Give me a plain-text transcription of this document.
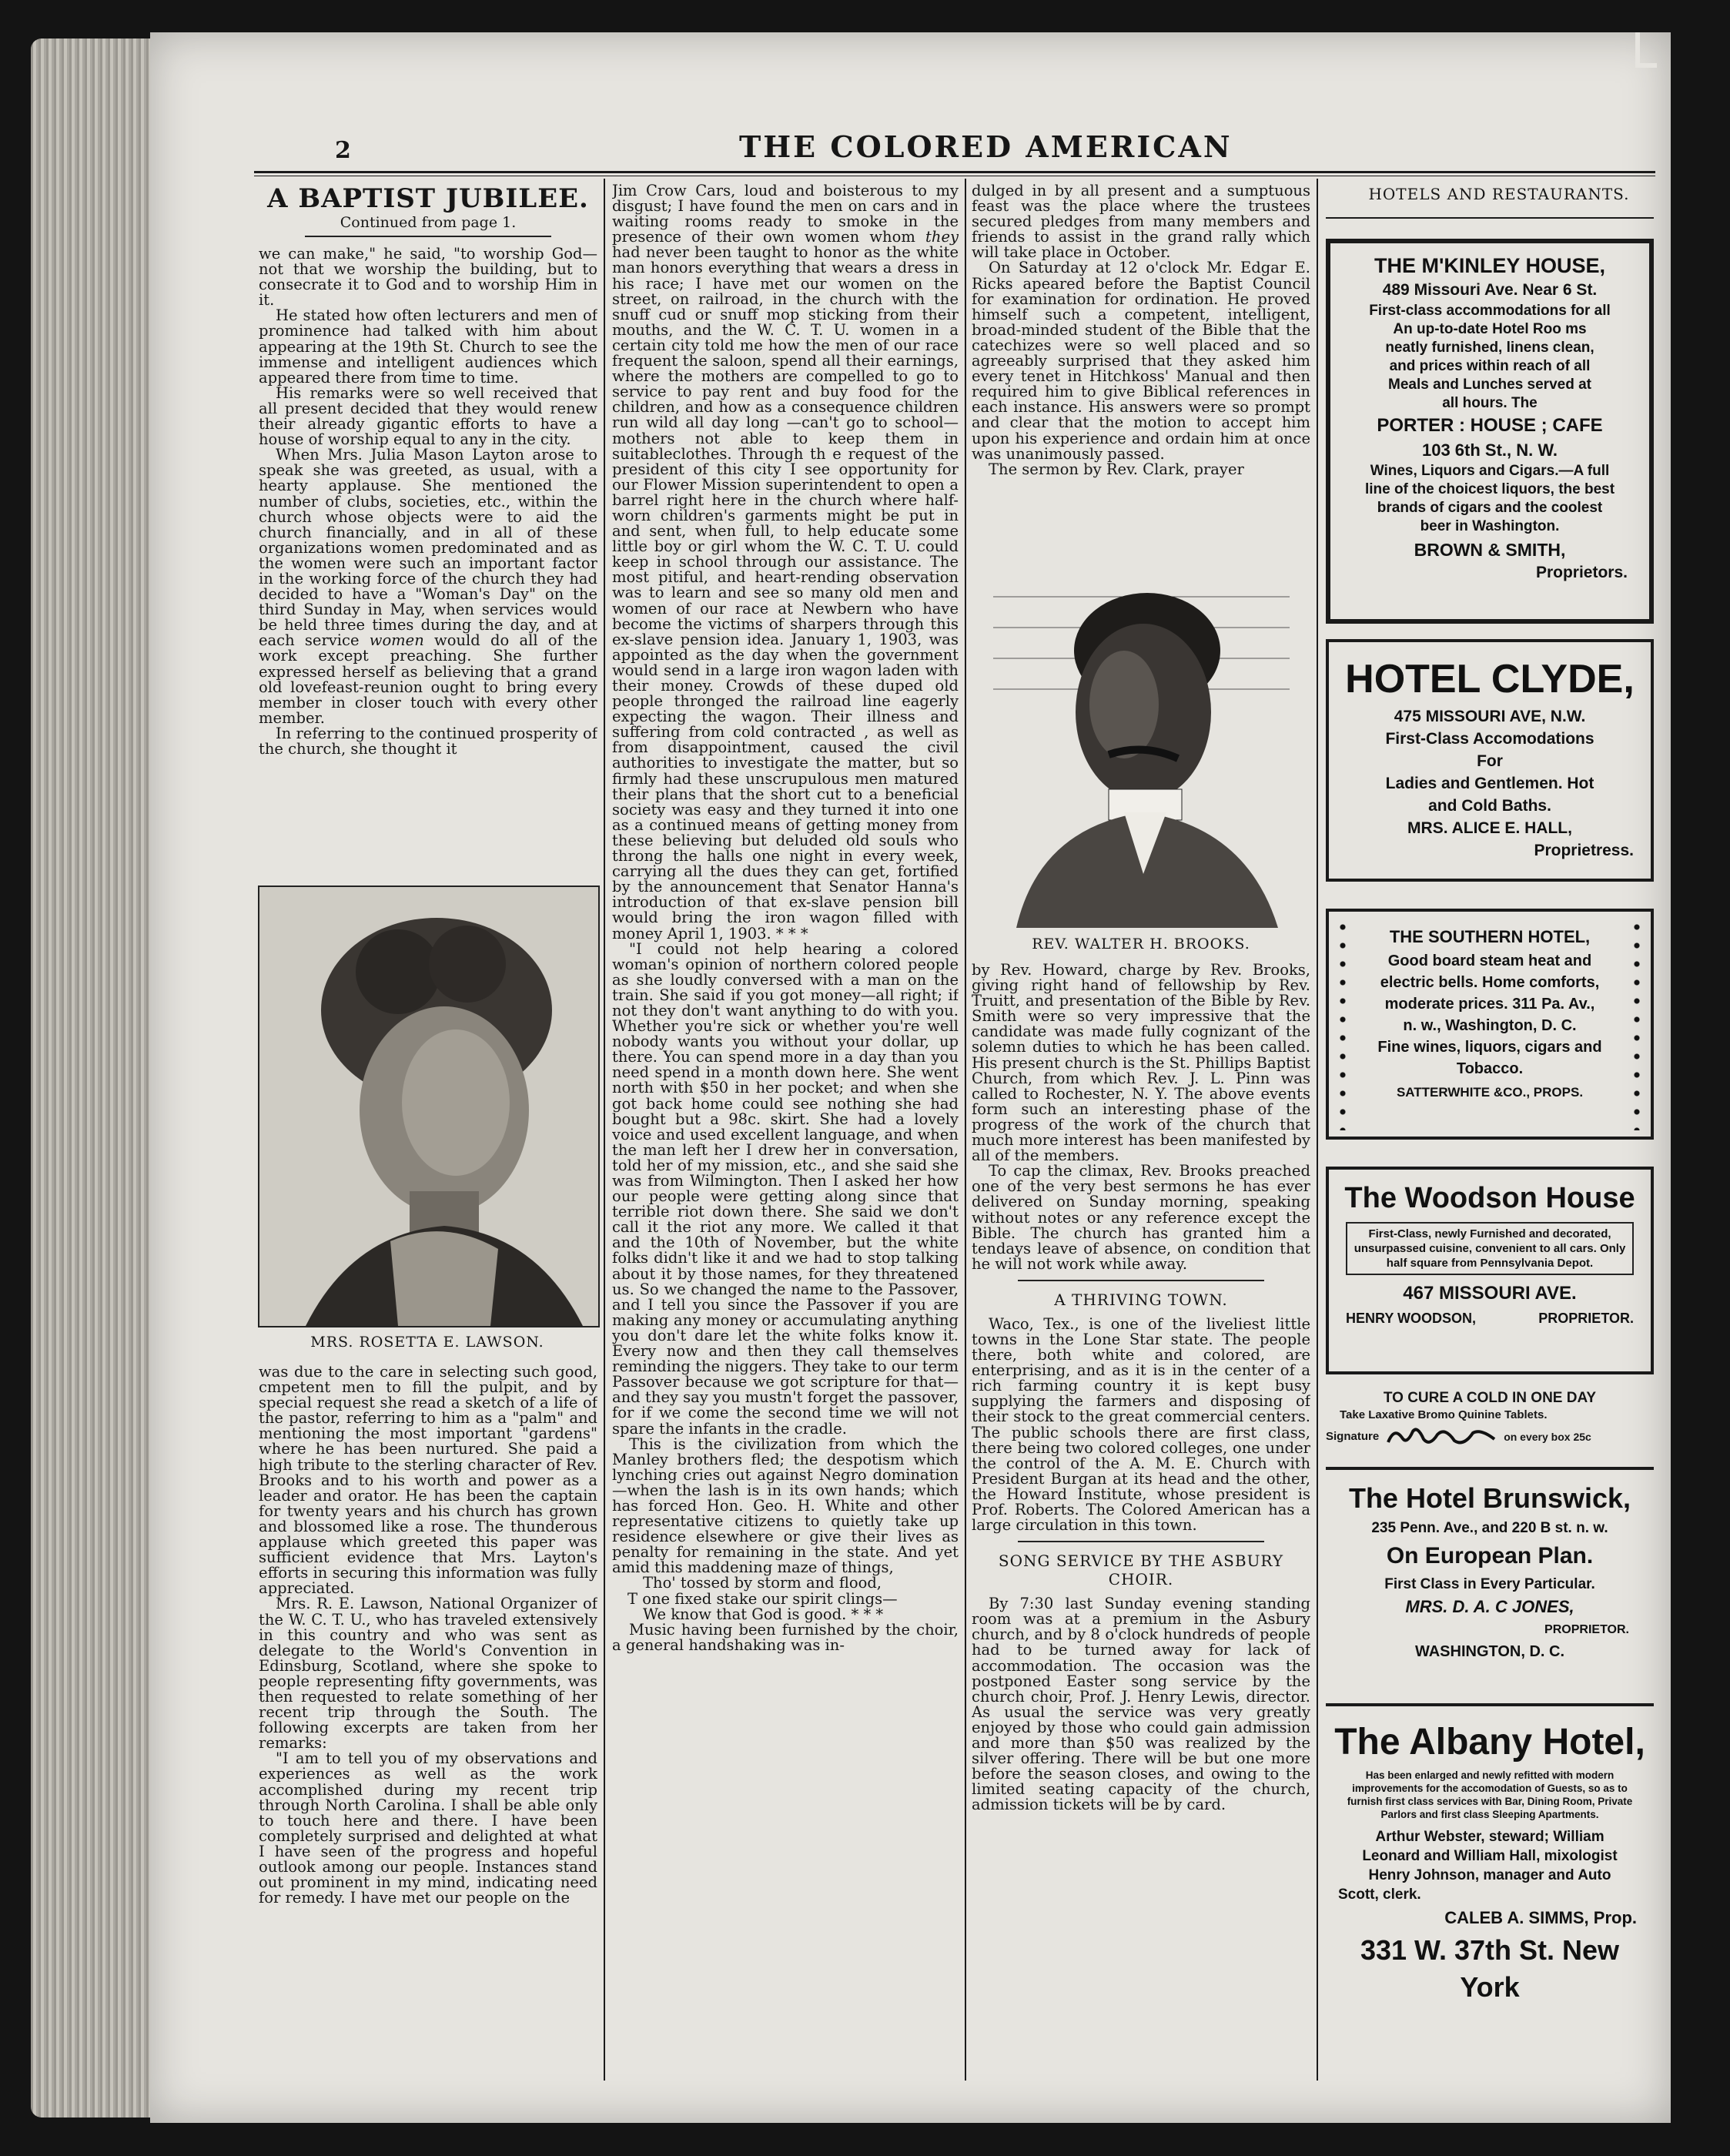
2	THE COLORED AMERICAN
A BAPTIST JUBILEE.
Continued from page 1.

we can make," he said, "to worship God—not that we worship the building, but to consecrate it to God and to worship Him in it.

He stated how often lecturers and men of prominence had talked with him about appearing at the 19th St. Church to see the immense and intelligent audiences which appeared there from time to time.

His remarks were so well received that all present decided that they would renew their already gigantic efforts to have a house of worship equal to any in the city.

When Mrs. Julia Mason Layton arose to speak she was greeted, as usual, with a hearty applause. She mentioned the number of clubs, societies, etc., within the church whose objects were to aid the church financially, and in all of these organizations women predominated and as the women were such an important factor in the working force of the church they had decided to have a "Woman's Day" on the third Sunday in May, when services would be held three times during the day, and at each service women would do all of the work except preaching. She further expressed herself as believing that a grand old lovefeast-reunion ought to bring every member in closer touch with every other member.

In referring to the continued prosperity of the church, she thought it

MRS. ROSETTA E. LAWSON.

was due to the care in selecting such good, cmpetent men to fill the pulpit, and by special request she read a sketch of a life of the pastor, referring to him as a "palm" and mentioning the most important "gardens" where he has been nurtured. She paid a high tribute to the sterling character of Rev. Brooks and to his worth and power as a leader and orator. He has been the captain for twenty years and his church has grown and blossomed like a rose. The thunderous applause which greeted this paper was sufficient evidence that Mrs. Layton's efforts in securing this information was fully appreciated.

Mrs. R. E. Lawson, National Organizer of the W. C. T. U., who has traveled extensively in this country and who was sent as delegate to the World's Convention in Edinsburg, Scotland, where she spoke to people representing fifty governments, was then requested to relate something of her recent trip through the South. The following excerpts are taken from her remarks:

"I am to tell you of my observations and experiences as well as the work accomplished during my recent trip through North Carolina. I shall be able only to touch here and there. I have been completely surprised and delighted at what I have seen of the progress and hopeful outlook among our people. Instances stand out prominent in my mind, indicating need for remedy. I have met our people on the

Jim Crow Cars, loud and boisterous to my disgust; I have found the men on cars and in waiting rooms ready to smoke in the presence of their own women whom they had never been taught to honor as the white man honors everything that wears a dress in his race; I have met our women on the street, on railroad, in the church with the snuff cud or snuff mop sticking from their mouths, and the W. C. T. U. women in a certain city told me how the men of our race frequent the saloon, spend all their earnings, where the mothers are compelled to go to service to pay rent and buy food for the children, and how as a consequence children run wild all day long —can't go to school—mothers not able to keep them in suitableclothes. Through th e request of the president of this city I see opportunity for our Flower Mission superintendent to open a barrel right here in the church where half- worn children's garments might be put in and sent, when full, to help educate some little boy or girl whom the W. C. T. U. could keep in school through our assistance. The most pitiful, and heart-rending observation was to learn and see so many old men and women of our race at Newbern who have become the victims of sharpers through this ex-slave pension idea. January 1, 1903, was appointed as the day when the government would send in a large iron wagon laden with their money. Crowds of these duped old people thronged the railroad line eagerly expecting the wagon. Their illness and suffering from cold contracted , as well as from disappointment, caused the civil authorities to investigate the matter, but so firmly had these unscrupulous men matured their plans that the short cut to a beneficial society was easy and they turned it into one as a continued means of getting money from these believing but deluded old souls who throng the halls one night in every week, carrying all the dues they can get, fortified by the announcement that Senator Hanna's introduction of that ex-slave pension bill would bring the iron wagon filled with money April 1, 1903. * * *

"I could not help hearing a colored woman's opinion of northern colored people as she loudly conversed with a man on the train. She said if you got money—all right; if not they don't want anything to do with you. Whether you're sick or whether you're well nobody wants you without your dollar, up there. You can spend more in a day than you need spend in a month down here. She went north with $50 in her pocket; and when she got back home could see nothing she had bought but a 98c. skirt. She had a lovely voice and used excellent language, and when the man left her I drew her in conversation, told her of my mission, etc., and she said she was from Wilmington. Then I asked her how our people were getting along since that terrible riot down there. She said we don't call it the riot any more. We called it that and the 10th of November, but the white folks didn't like it and we had to stop talking about it by those names, for they threatened us. So we changed the name to the Passover, and I tell you since the Passover if you are making any money or accumulating anything you don't dare let the white folks know it. Every now and then they call themselves reminding the niggers. They take to our term Passover because we got scripture for that—and they say you mustn't forget the passover, for if we come the second time we will not spare the infants in the cradle.

This is the civilization from which the Manley brothers fled; the despotism which lynching cries out against Negro domination—when the lash is in its own hands; which has forced Hon. Geo. H. White and other representative citizens to quietly take up residence elsewhere or give their lives as penalty for remaining in the state. And yet amid this maddening maze of things,

Tho' tossed by storm and flood,

T one fixed stake our spirit clings—

We know that God is good. * * *

Music having been furnished by the choir, a general handshaking was in-

dulged in by all present and a sumptuous feast was the place where the trustees secured pledges from many members and friends to assist in the grand rally which will take place in October.

On Saturday at 12 o'clock Mr. Edgar E. Ricks apeared before the Baptist Council for examination for ordination. He proved himself such a competent, intelligent, broad-minded student of the Bible that the catechizes were so well placed and so agreeably surprised that they asked him every tenet in Hitchkoss' Manual and then required him to give Biblical references in each instance. His answers were so prompt and clear that the motion to accept him upon his experience and ordain him at once was unanimously passed.

The sermon by Rev. Clark, prayer

REV. WALTER H. BROOKS.

by Rev. Howard, charge by Rev. Brooks, giving right hand of fellowship by Rev. Truitt, and presentation of the Bible by Rev. Smith were so very impressive that the candidate was made fully cognizant of the solemn duties to which he has been called. His present church is the St. Phillips Baptist Church, from which Rev. J. L. Pinn was called to Rochester, N. Y. The above events form such an interesting phase of the progress of the work of the church that much more interest has been manifested by all of the members.

To cap the climax, Rev. Brooks preached one of the very best sermons he has ever delivered on Sunday morning, speaking without notes or any reference except the Bible. The church has granted him a tendays leave of absence, on condition that he will not work while away.

A THRIVING TOWN.

Waco, Tex., is one of the liveliest little towns in the Lone Star state. The people there, both white and colored, are enterprising, and as it is in the center of a rich farming country it is kept busy supplying the farmers and disposing of their stock to the great commercial centers. The public schools there are first class, there being two colored colleges, one under the control of the A. M. E. Church with President Burgan at its head and the other, the Howard Institute, whose president is Prof. Roberts. The Colored American has a large circulation in this town.

SONG SERVICE BY THE ASBURY CHOIR.

By 7:30 last Sunday evening standing room was at a premium in the Asbury church, and by 8 o'clock hundreds of people had to be turned away for lack of accommodation. The occasion was the postponed Easter song service by the church choir, Prof. J. Henry Lewis, director. As usual the service was very greatly enjoyed by those who could gain admission and more than $50 was realized by the silver offering. There will be but one more before the season closes, and owing to the limited seating capacity of the church, admission tickets will be by card.

HOTELS AND RESTAURANTS.
THE M'KINLEY HOUSE,
489 Missouri Ave. Near 6 St.
First-class accommodations for all
An up-to-date Hotel Roo ms
neatly furnished, linens clean,
and prices within reach of all
Meals and Lunches served at
all hours. The
PORTER : HOUSE ; CAFE
103 6th St., N. W.
Wines, Liquors and Cigars.—A full
line of the choicest liquors, the best
brands of cigars and the coolest
beer in Washington.
BROWN & SMITH,
Proprietors.
HOTEL CLYDE,
475 MISSOURI AVE, N.W.
First-Class Accomodations
For
Ladies and Gentlemen. Hot
and Cold Baths.
MRS. ALICE E. HALL,
Proprietress.
THE SOUTHERN HOTEL,
Good board steam heat and
electric bells. Home comforts,
moderate prices. 311 Pa. Av.,
n. w., Washington, D. C.
Fine wines, liquors, cigars and
Tobacco.
SATTERWHITE &CO., PROPS.
The Woodson House
First-Class, newly Furnished and decorated, unsurpassed cuisine, convenient to all cars. Only half square from Pennsylvania Depot.
467 MISSOURI AVE.
HENRY WOODSON,	PROPRIETOR.
TO CURE A COLD IN ONE DAY
Take Laxative Bromo Quinine Tablets.
Signature	on every box 25c
The Hotel Brunswick,
235 Penn. Ave., and 220 B st. n. w.
On European Plan.
First Class in Every Particular.
MRS. D. A. C JONES,
PROPRIETOR.
WASHINGTON, D. C.
The Albany Hotel,
Has been enlarged and newly refitted with modern improvements for the accomodation of Guests, so as to furnish first class services with Bar, Dining Room, Private Parlors and first class Sleeping Apartments.
Arthur Webster, steward; William
Leonard and William Hall, mixologist
Henry Johnson, manager and Auto
Scott, clerk.
CALEB A. SIMMS, Prop.
331 W. 37th St. New York
